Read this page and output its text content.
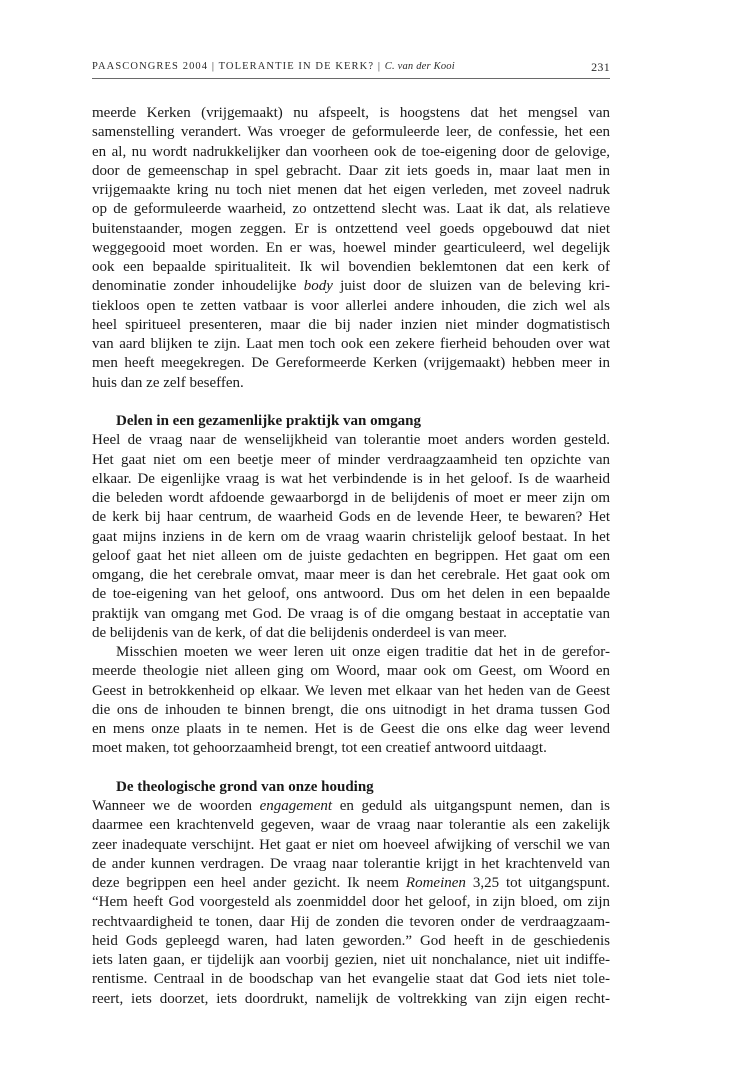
PAASCONGRES 2004 | TOLERANTIE IN DE KERK? | C. van der Kooi	231
meerde Kerken (vrijgemaakt) nu afspeelt, is hoogstens dat het mengsel van
samenstelling verandert. Was vroeger de geformuleerde leer, de confessie, het een
en al, nu wordt nadrukkelijker dan voorheen ook de toe-eigening door de gelovige,
door de gemeenschap in spel gebracht. Daar zit iets goeds in, maar laat men in
vrijgemaakte kring nu toch niet menen dat het eigen verleden, met zoveel nadruk
op de geformuleerde waarheid, zo ontzettend slecht was. Laat ik dat, als relatieve
buitenstaander, mogen zeggen. Er is ontzettend veel goeds opgebouwd dat niet
weggegooid moet worden. En er was, hoewel minder gearticuleerd, wel degelijk
ook een bepaalde spiritualiteit. Ik wil bovendien beklemtonen dat een kerk of
denominatie zonder inhoudelijke body juist door de sluizen van de beleving kri-
tiekloos open te zetten vatbaar is voor allerlei andere inhouden, die zich wel als
heel spiritueel presenteren, maar die bij nader inzien niet minder dogmatistisch
van aard blijken te zijn. Laat men toch ook een zekere fierheid behouden over wat
men heeft meegekregen. De Gereformeerde Kerken (vrijgemaakt) hebben meer in
huis dan ze zelf beseffen.
Delen in een gezamenlijke praktijk van omgang
Heel de vraag naar de wenselijkheid van tolerantie moet anders worden gesteld.
Het gaat niet om een beetje meer of minder verdraagzaamheid ten opzichte van
elkaar. De eigenlijke vraag is wat het verbindende is in het geloof. Is de waarheid
die beleden wordt afdoende gewaarborgd in de belijdenis of moet er meer zijn om
de kerk bij haar centrum, de waarheid Gods en de levende Heer, te bewaren? Het
gaat mijns inziens in de kern om de vraag waarin christelijk geloof bestaat. In het
geloof gaat het niet alleen om de juiste gedachten en begrippen. Het gaat om een
omgang, die het cerebrale omvat, maar meer is dan het cerebrale. Het gaat ook om
de toe-eigening van het geloof, ons antwoord. Dus om het delen in een bepaalde
praktijk van omgang met God. De vraag is of die omgang bestaat in acceptatie van
de belijdenis van de kerk, of dat die belijdenis onderdeel is van meer.
Misschien moeten we weer leren uit onze eigen traditie dat het in de gerefor-
meerde theologie niet alleen ging om Woord, maar ook om Geest, om Woord en
Geest in betrokkenheid op elkaar. We leven met elkaar van het heden van de Geest
die ons de inhouden te binnen brengt, die ons uitnodigt in het drama tussen God
en mens onze plaats in te nemen. Het is de Geest die ons elke dag weer levend
moet maken, tot gehoorzaamheid brengt, tot een creatief antwoord uitdaagt.
De theologische grond van onze houding
Wanneer we de woorden engagement en geduld als uitgangspunt nemen, dan is
daarmee een krachtenveld gegeven, waar de vraag naar tolerantie als een zakelijk
zeer inadequate verschijnt. Het gaat er niet om hoeveel afwijking of verschil we van
de ander kunnen verdragen. De vraag naar tolerantie krijgt in het krachtenveld van
deze begrippen een heel ander gezicht. Ik neem Romeinen 3,25 tot uitgangspunt.
“Hem heeft God voorgesteld als zoenmiddel door het geloof, in zijn bloed, om zijn
rechtvaardigheid te tonen, daar Hij de zonden die tevoren onder de verdraagzaam-
heid Gods gepleegd waren, had laten geworden.” God heeft in de geschiedenis
iets laten gaan, er tijdelijk aan voorbij gezien, niet uit nonchalance, niet uit indiffe-
rentisme. Centraal in de boodschap van het evangelie staat dat God iets niet tole-
reert, iets doorzet, iets doordrukt, namelijk de voltrekking van zijn eigen recht-
